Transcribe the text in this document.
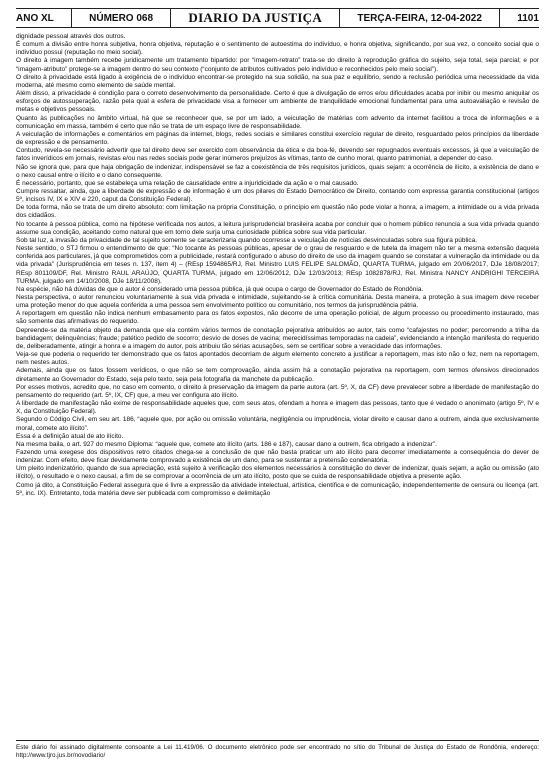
ANO XL	NÚMERO 068	DIARIO DA JUSTIÇA	TERÇA-FEIRA, 12-04-2022	1101

dignidade pessoal através dos outros.

É comum a divisão entre honra subjetiva, honra objetiva, reputação e o sentimento de autoestima do indivíduo, e honra objetiva, significando, por sua vez, o conceito social que o indivíduo possui (reputação no meio social).

O direito à imagem também recebe juridicamente um tratamento bipartido: por “imagem-retrato” trata-se do direito à reprodução gráfica do sujeito, seja total, seja parcial; e por “imagem-atributo” protege-se a imagem dentro do seu contexto (“conjunto de atributos cultivados pelo indivíduo e reconhecidos pelo meio social”).

O direito à privacidade está ligado à exigência de o indivíduo encontrar-se protegido na sua solidão, na sua paz e equilíbrio, sendo a reclusão periódica uma necessidade da vida moderna, até mesmo como elemento de saúde mental.

Além disso, a privacidade é condição para o correto desenvolvimento da personalidade. Certo é que a divulgação de erros e/ou dificuldades acaba por inibir ou mesmo aniquilar os esforços de autossuperação, razão pela qual a esfera de privacidade visa a fornecer um ambiente de tranquilidade emocional fundamental para uma autoavaliação e revisão de metas e objetivos pessoais.

Quanto às publicações no âmbito virtual, há que se reconhecer que, se por um lado, a veiculação de matérias com advento da internet facilitou a troca de informações e a comunicação em massa, também é certo que não se trata de um espaço livre de responsabilidade.

A veiculação de informações e comentários em páginas da internet, blogs, redes sociais e similares constitui exercício regular de direito, resguardado pelos princípios da liberdade de expressão e de pensamento.

Contudo, revela-se necessário advertir que tal direito deve ser exercido com observância da ética e da boa-fé, devendo ser repugnados eventuais excessos, já que a veiculação de fatos inverídicos em jornais, revistas e/ou nas redes sociais pode gerar inúmeros prejuízos às vítimas, tanto de cunho moral, quanto patrimonial, a depender do caso.

Não se ignora que, para que haja obrigação de indenizar, indispensável se faz a coexistência de três requisitos jurídicos, quais sejam: a ocorrência de ilícito, a existência de dano e o nexo causal entre o ilícito e o dano consequente.

É necessário, portanto, que se estabeleça uma relação de causalidade entre a injuridicidade da ação e o mal causado.

Cumpre ressaltar, ainda, que a liberdade de expressão e de informação é um dos pilares do Estado Democrático de Direito, contando com expressa garantia constitucional (artigos 5º, incisos IV, IX e XIV e 220, caput da Constituição Federal).

De toda forma, não se trata de um direito absoluto: com limitação na própria Constituição, o princípio em questão não pode violar a honra, a imagem, a intimidade ou a vida privada dos cidadãos.

No tocante à pessoa pública, como na hipótese verificada nos autos, a leitura jurisprudencial brasileira acaba por concluir que o homem público renuncia a sua vida privada quando assume sua condição, aceitando como natural que em torno dele surja uma curiosidade pública sobre sua vida particular.

Sob tal luz, a invasão da privacidade de tal sujeito somente se caracterizaria quando ocorresse a veiculação de notícias desvinculadas sobre sua figura pública.

Neste sentido, o STJ firmou o entendimento de que: “No tocante às pessoas públicas, apesar de o grau de resguardo e de tutela da imagem não ter a mesma extensão daquela conferida aos particulares, já que comprometidos com a publicidade, restará configurado o abuso do direito de uso da imagem quando se constatar a vulneração da intimidade ou da vida privada” (Jurisprudência em teses n. 137, item 4) – (REsp 1594865/RJ, Rel. Ministro LUIS FELIPE SALOMÃO, QUARTA TURMA, julgado em 20/06/2017, DJe 18/08/2017; REsp 801109/DF, Rel. Ministro RAUL ARAÚJO, QUARTA TURMA, julgado em 12/06/2012, DJe 12/03/2013; REsp 1082878/RJ, Rel. Ministra NANCY ANDRIGHI TERCEIRA TURMA, julgado em 14/10/2008, DJe 18/11/2008).

Na espécie, não há dúvidas de que o autor é considerado uma pessoa pública, já que ocupa o cargo de Governador do Estado de Rondônia.

Nesta perspectiva, o autor renunciou voluntariamente à sua vida privada e intimidade, sujeitando-se à crítica comunitária. Desta maneira, a proteção à sua imagem deve receber uma proteção menor do que aquela conferida a uma pessoa sem envolvimento político ou comunitário, nos termos da jurisprudência pátria.

A reportagem em questão não indica nenhum embasamento para os fatos expostos, não decorre de uma operação policial, de algum processo ou procedimento instaurado, mas são somente das afirmativas do requerido.

Depreende-se da matéria objeto da demanda que ela contém vários termos de conotação pejorativa atribuídos ao autor, tais como “cafajestes no poder; percorrendo a trilha da bandidagem; delinquências; fraude; patético pedido de socorro; desvio de doses de vacina; merecidíssimas temporadas na cadeia”, evidenciando a intenção manifesta do requerido de, deliberadamente, atingir a honra e a imagem do autor, pois atribuiu tão sérias acusações, sem se certificar sobre a veracidade das informações.

Veja-se que poderia o requerido ter demonstrado que os fatos apontados decorriam de algum elemento concreto a justificar a reportagem, mas isto não o fez, nem na reportagem, nem nestes autos.

Ademais, ainda que os fatos fossem verídicos, o que não se tem comprovação, ainda assim há a conotação pejorativa na reportagem, com termos ofensivos direcionados diretamente ao Governador do Estado, seja pelo texto, seja pela fotografia da manchete da publicação.

Por esses motivos, acredito que, no caso em comento, o direito à preservação da imagem da parte autora (art. 5º, X, da CF) deve prevalecer sobre a liberdade de manifestação do pensamento do requerido (art. 5º, IX, CF) que, a meu ver configura ato ilícito.

A liberdade de manifestação não exime de responsabilidade aqueles que, com seus atos, ofendam a honra e imagem das pessoas, tanto que é vedado o anonimato (artigo 5º, IV e X, da Constituição Federal).

Segundo o Código Civil, em seu art. 186, “aquele que, por ação ou omissão voluntária, negligência ou imprudência, violar direito e causar dano a outrem, ainda que exclusivamente moral, comete ato ilícito”.

Essa é a definição atual de ato ilícito.

Na mesma baila, o art. 927 do mesmo Diploma: “aquele que, comete ato ilícito (arts. 186 e 187), causar dano a outrem, fica obrigado a indenizar”.

Fazendo uma exegese dos dispositivos retro citados chega-se a conclusão de que não basta praticar um ato ilícito para decorrer imediatamente a consequência do dever de indenizar. Com efeito, deve ficar devidamente comprovado a existência de um dano, para se sustentar a pretensão condenatória.

Um pleito indenizatório, quando de sua apreciação, está sujeito à verificação dos elementos necessários à constituição do dever de indenizar, quais sejam, a ação ou omissão (ato ilícito), o resultado e o nexo causal, a fim de se comprovar a ocorrência de um ato ilícito, posto que se cuida de responsabilidade objetiva a presente ação.

Como já dito, a Constituição Federal assegura que é livre a expressão da atividade intelectual, artística, científica e de comunicação, independentemente de censura ou licença (art. 5º, inc. IX). Entretanto, toda matéria deve ser publicada com compromisso e delimitação

Este diário foi assinado digitalmente consoante a Lei 11.419/06. O documento eletrônico pode ser encontrado no sítio do Tribunal de Justiça do Estado de Rondônia, endereço: http://www.tjro.jus.br/novodiario/
